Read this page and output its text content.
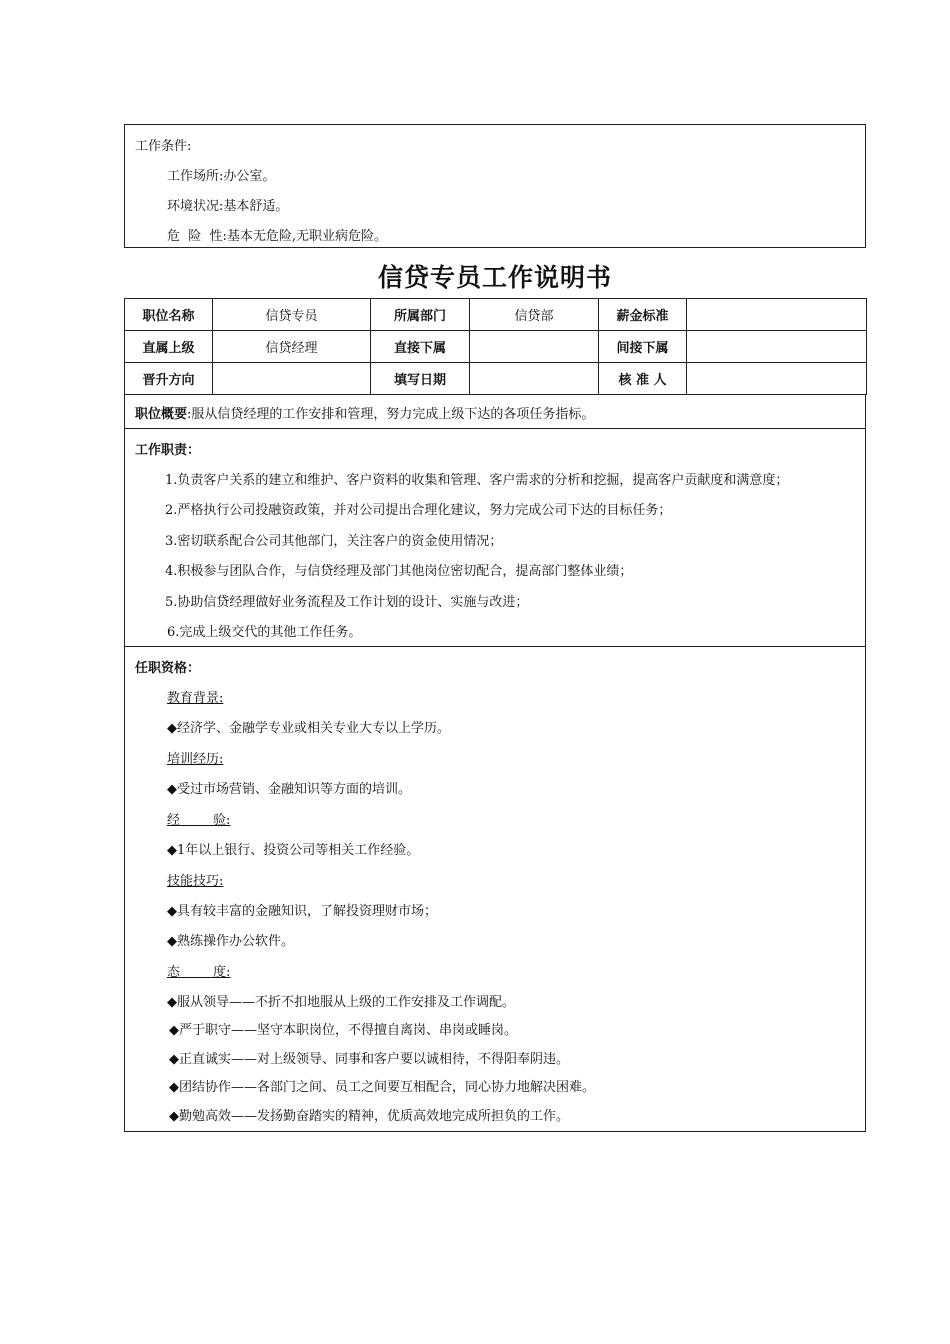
工作条件:
工作场所:办公室。
环境状况:基本舒适。
危  险  性:基本无危险,无职业病危险。
信贷专员工作说明书
职位名称	信贷专员	所属部门	信贷部	薪金标准	
直属上级	信贷经理	直接下属		间接下属	
晋升方向		填写日期		核 准 人	
职位概要:服从信贷经理的工作安排和管理，努力完成上级下达的各项任务指标。
工作职责：
1.负责客户关系的建立和维护、客户资料的收集和管理、客户需求的分析和挖掘，提高客户贡献度和满意度；
2.严格执行公司投融资政策，并对公司提出合理化建议，努力完成公司下达的目标任务；
3.密切联系配合公司其他部门，关注客户的资金使用情况；
4.积极参与团队合作，与信贷经理及部门其他岗位密切配合，提高部门整体业绩；
5.协助信贷经理做好业务流程及工作计划的设计、实施与改进；
6.完成上级交代的其他工作任务。
任职资格：
教育背景:
◆经济学、金融学专业或相关专业大专以上学历。
培训经历:
◆受过市场营销、金融知识等方面的培训。
经        验:
◆1年以上银行、投资公司等相关工作经验。
技能技巧:
◆具有较丰富的金融知识，了解投资理财市场；
◆熟练操作办公软件。
态        度:
◆服从领导——不折不扣地服从上级的工作安排及工作调配。
◆严于职守——坚守本职岗位，不得擅自离岗、串岗或睡岗。
◆正直诚实——对上级领导、同事和客户要以诚相待，不得阳奉阴违。
◆团结协作——各部门之间、员工之间要互相配合，同心协力地解决困难。
◆勤勉高效——发扬勤奋踏实的精神，优质高效地完成所担负的工作。
